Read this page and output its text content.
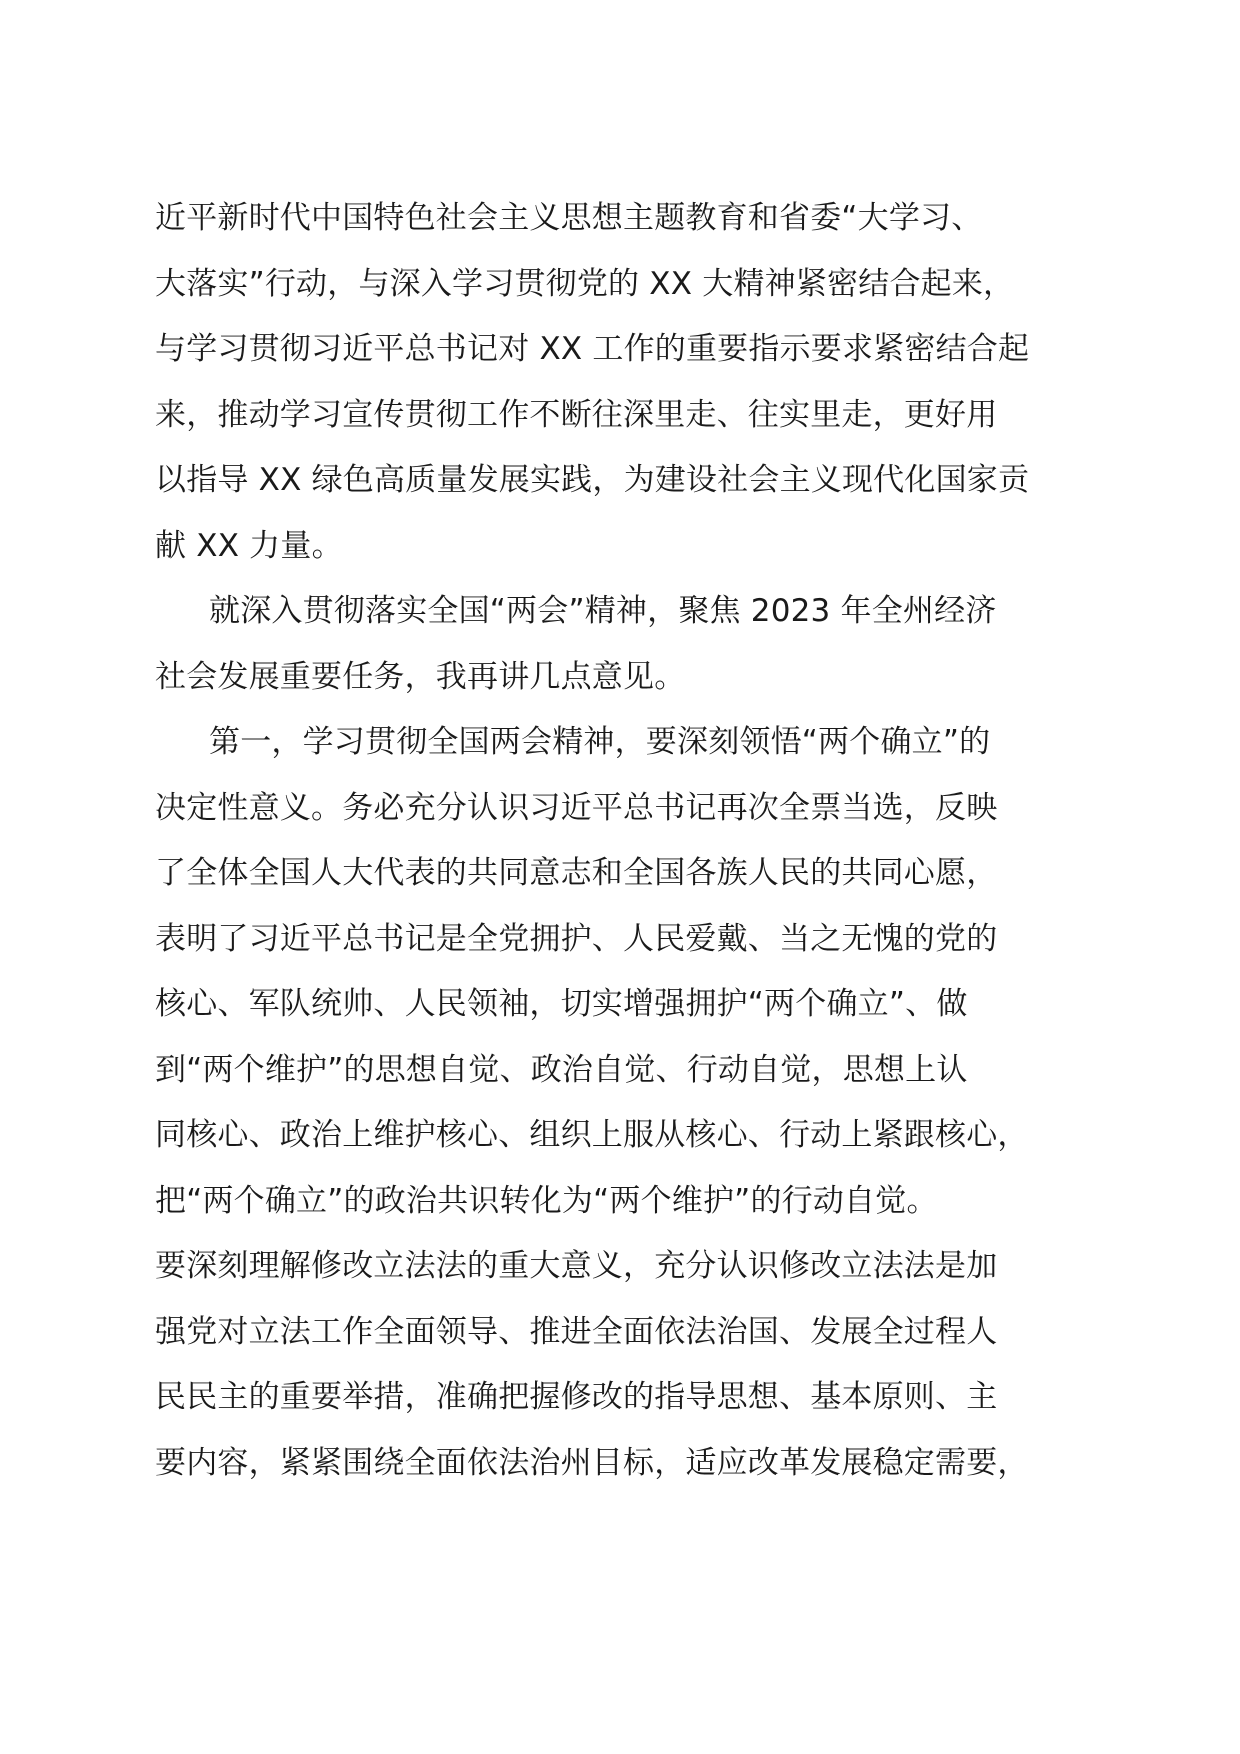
近平新时代中国特色社会主义思想主题教育和省委“大学习、
大落实”行动，与深入学习贯彻党的 XX 大精神紧密结合起来，
与学习贯彻习近平总书记对 XX 工作的重要指示要求紧密结合起
来，推动学习宣传贯彻工作不断往深里走、往实里走，更好用
以指导 XX 绿色高质量发展实践，为建设社会主义现代化国家贡
献 XX 力量。
就深入贯彻落实全国“两会”精神，聚焦 2023 年全州经济
社会发展重要任务，我再讲几点意见。
第一，学习贯彻全国两会精神，要深刻领悟“两个确立”的
决定性意义。务必充分认识习近平总书记再次全票当选，反映
了全体全国人大代表的共同意志和全国各族人民的共同心愿，
表明了习近平总书记是全党拥护、人民爱戴、当之无愧的党的
核心、军队统帅、人民领袖，切实增强拥护“两个确立”、做
到“两个维护”的思想自觉、政治自觉、行动自觉，思想上认
同核心、政治上维护核心、组织上服从核心、行动上紧跟核心，
把“两个确立”的政治共识转化为“两个维护”的行动自觉。
要深刻理解修改立法法的重大意义，充分认识修改立法法是加
强党对立法工作全面领导、推进全面依法治国、发展全过程人
民民主的重要举措，准确把握修改的指导思想、基本原则、主
要内容，紧紧围绕全面依法治州目标，适应改革发展稳定需要，
